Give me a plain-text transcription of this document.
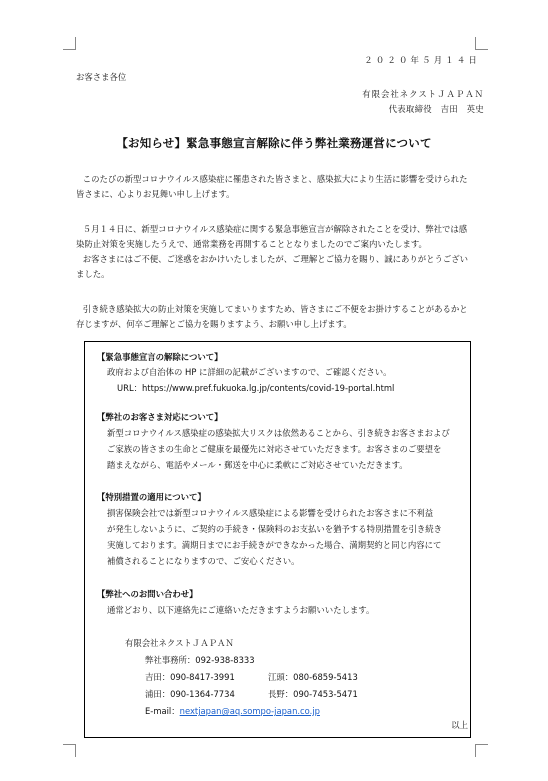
２０２０年５月１４日
お客さま各位
有限会社ネクストＪＡＰＡＮ
代表取締役　吉田　英史
【お知らせ】緊急事態宣言解除に伴う弊社業務運営について
このたびの新型コロナウイルス感染症に罹患された皆さまと、感染拡大により生活に影響を受けられた皆さまに、心よりお見舞い申し上げます。
５月１４日に、新型コロナウイルス感染症に関する緊急事態宣言が解除されたことを受け、弊社では感染防止対策を実施したうえで、通常業務を再開することとなりましたのでご案内いたします。
お客さまにはご不便、ご迷惑をおかけいたしましたが、ご理解とご協力を賜り、誠にありがとうございました。
引き続き感染拡大の防止対策を実施してまいりますため、皆さまにご不便をお掛けすることがあるかと存じますが、何卒ご理解とご協力を賜りますよう、お願い申し上げます。
【緊急事態宣言の解除について】
政府および自治体の HP に詳細の記載がございますので、ご確認ください。
URL：https://www.pref.fukuoka.lg.jp/contents/covid-19-portal.html
【弊社のお客さま対応について】
新型コロナウイルス感染症の感染拡大リスクは依然あることから、引き続きお客さまおよび
ご家族の皆さまの生命とご健康を最優先に対応させていただきます。お客さまのご要望を
踏まえながら、電話やメール・郵送を中心に柔軟にご対応させていただきます。
【特別措置の適用について】
損害保険会社では新型コロナウイルス感染症による影響を受けられたお客さまに不利益
が発生しないように、ご契約の手続き・保険料のお支払いを猶予する特別措置を引き続き
実施しております。満期日までにお手続きができなかった場合、満期契約と同じ内容にて
補償されることになりますので、ご安心ください。
【弊社へのお問い合わせ】
通常どおり、以下連絡先にご連絡いただきますようお願いいたします。
有限会社ネクストＪＡＰＡＮ
弊社事務所：092-938-8333
吉田：090-8417-3991	江頭：080-6859-5413
浦田：090-1364-7734	長野：090-7453-5471
E-mail：nextjapan@aq.sompo-japan.co.jp
以上
